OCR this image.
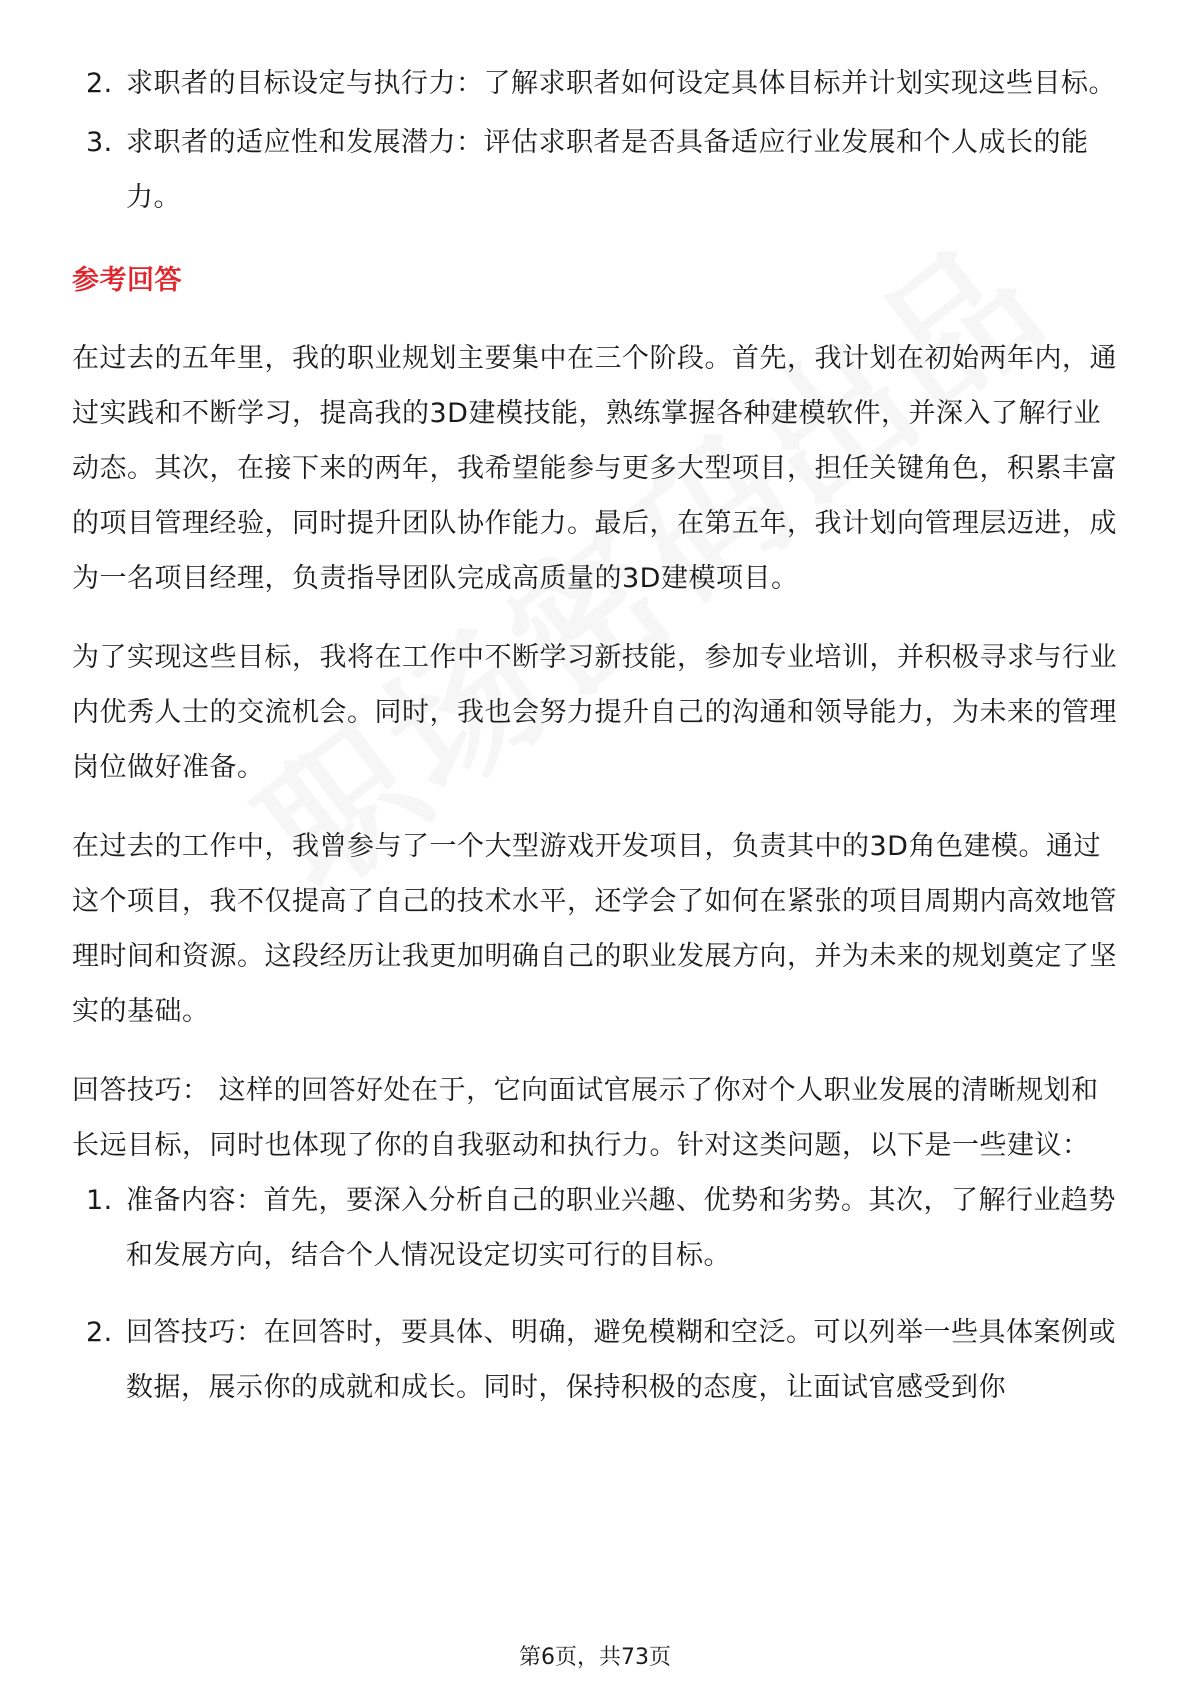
2. 求职者的目标设定与执行力：了解求职者如何设定具体目标并计划实现这些目标。
3. 求职者的适应性和发展潜力：评估求职者是否具备适应行业发展和个人成长的能力。
参考回答

在过去的五年里，我的职业规划主要集中在三个阶段。首先，我计划在初始两年内，通过实践和不断学习，提高我的3D建模技能，熟练掌握各种建模软件，并深入了解行业动态。其次，在接下来的两年，我希望能参与更多大型项目，担任关键角色，积累丰富的项目管理经验，同时提升团队协作能力。最后，在第五年，我计划向管理层迈进，成为一名项目经理，负责指导团队完成高质量的3D建模项目。

为了实现这些目标，我将在工作中不断学习新技能，参加专业培训，并积极寻求与行业内优秀人士的交流机会。同时，我也会努力提升自己的沟通和领导能力，为未来的管理岗位做好准备。

在过去的工作中，我曾参与了一个大型游戏开发项目，负责其中的3D角色建模。通过这个项目，我不仅提高了自己的技术水平，还学会了如何在紧张的项目周期内高效地管理时间和资源。这段经历让我更加明确自己的职业发展方向，并为未来的规划奠定了坚实的基础。

回答技巧： 这样的回答好处在于，它向面试官展示了你对个人职业发展的清晰规划和长远目标，同时也体现了你的自我驱动和执行力。针对这类问题，以下是一些建议：

1. 准备内容：首先，要深入分析自己的职业兴趣、优势和劣势。其次，了解行业趋势和发展方向，结合个人情况设定切实可行的目标。
2. 回答技巧：在回答时，要具体、明确，避免模糊和空泛。可以列举一些具体案例或数据，展示你的成就和成长。同时，保持积极的态度，让面试官感受到你
第6页，共73页
